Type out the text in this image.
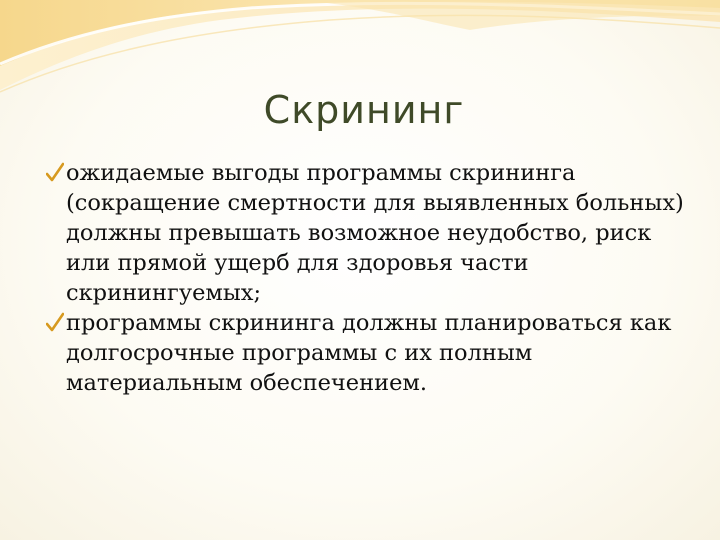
Скрининг
ожидаемые выгоды программы скрининга (сокращение смертности для выявленных больных) должны превышать возможное неудобство, риск или прямой ущерб для здоровья части скринингуемых;
программы скрининга должны планироваться как долгосрочные программы с их полным материальным обеспечением.
